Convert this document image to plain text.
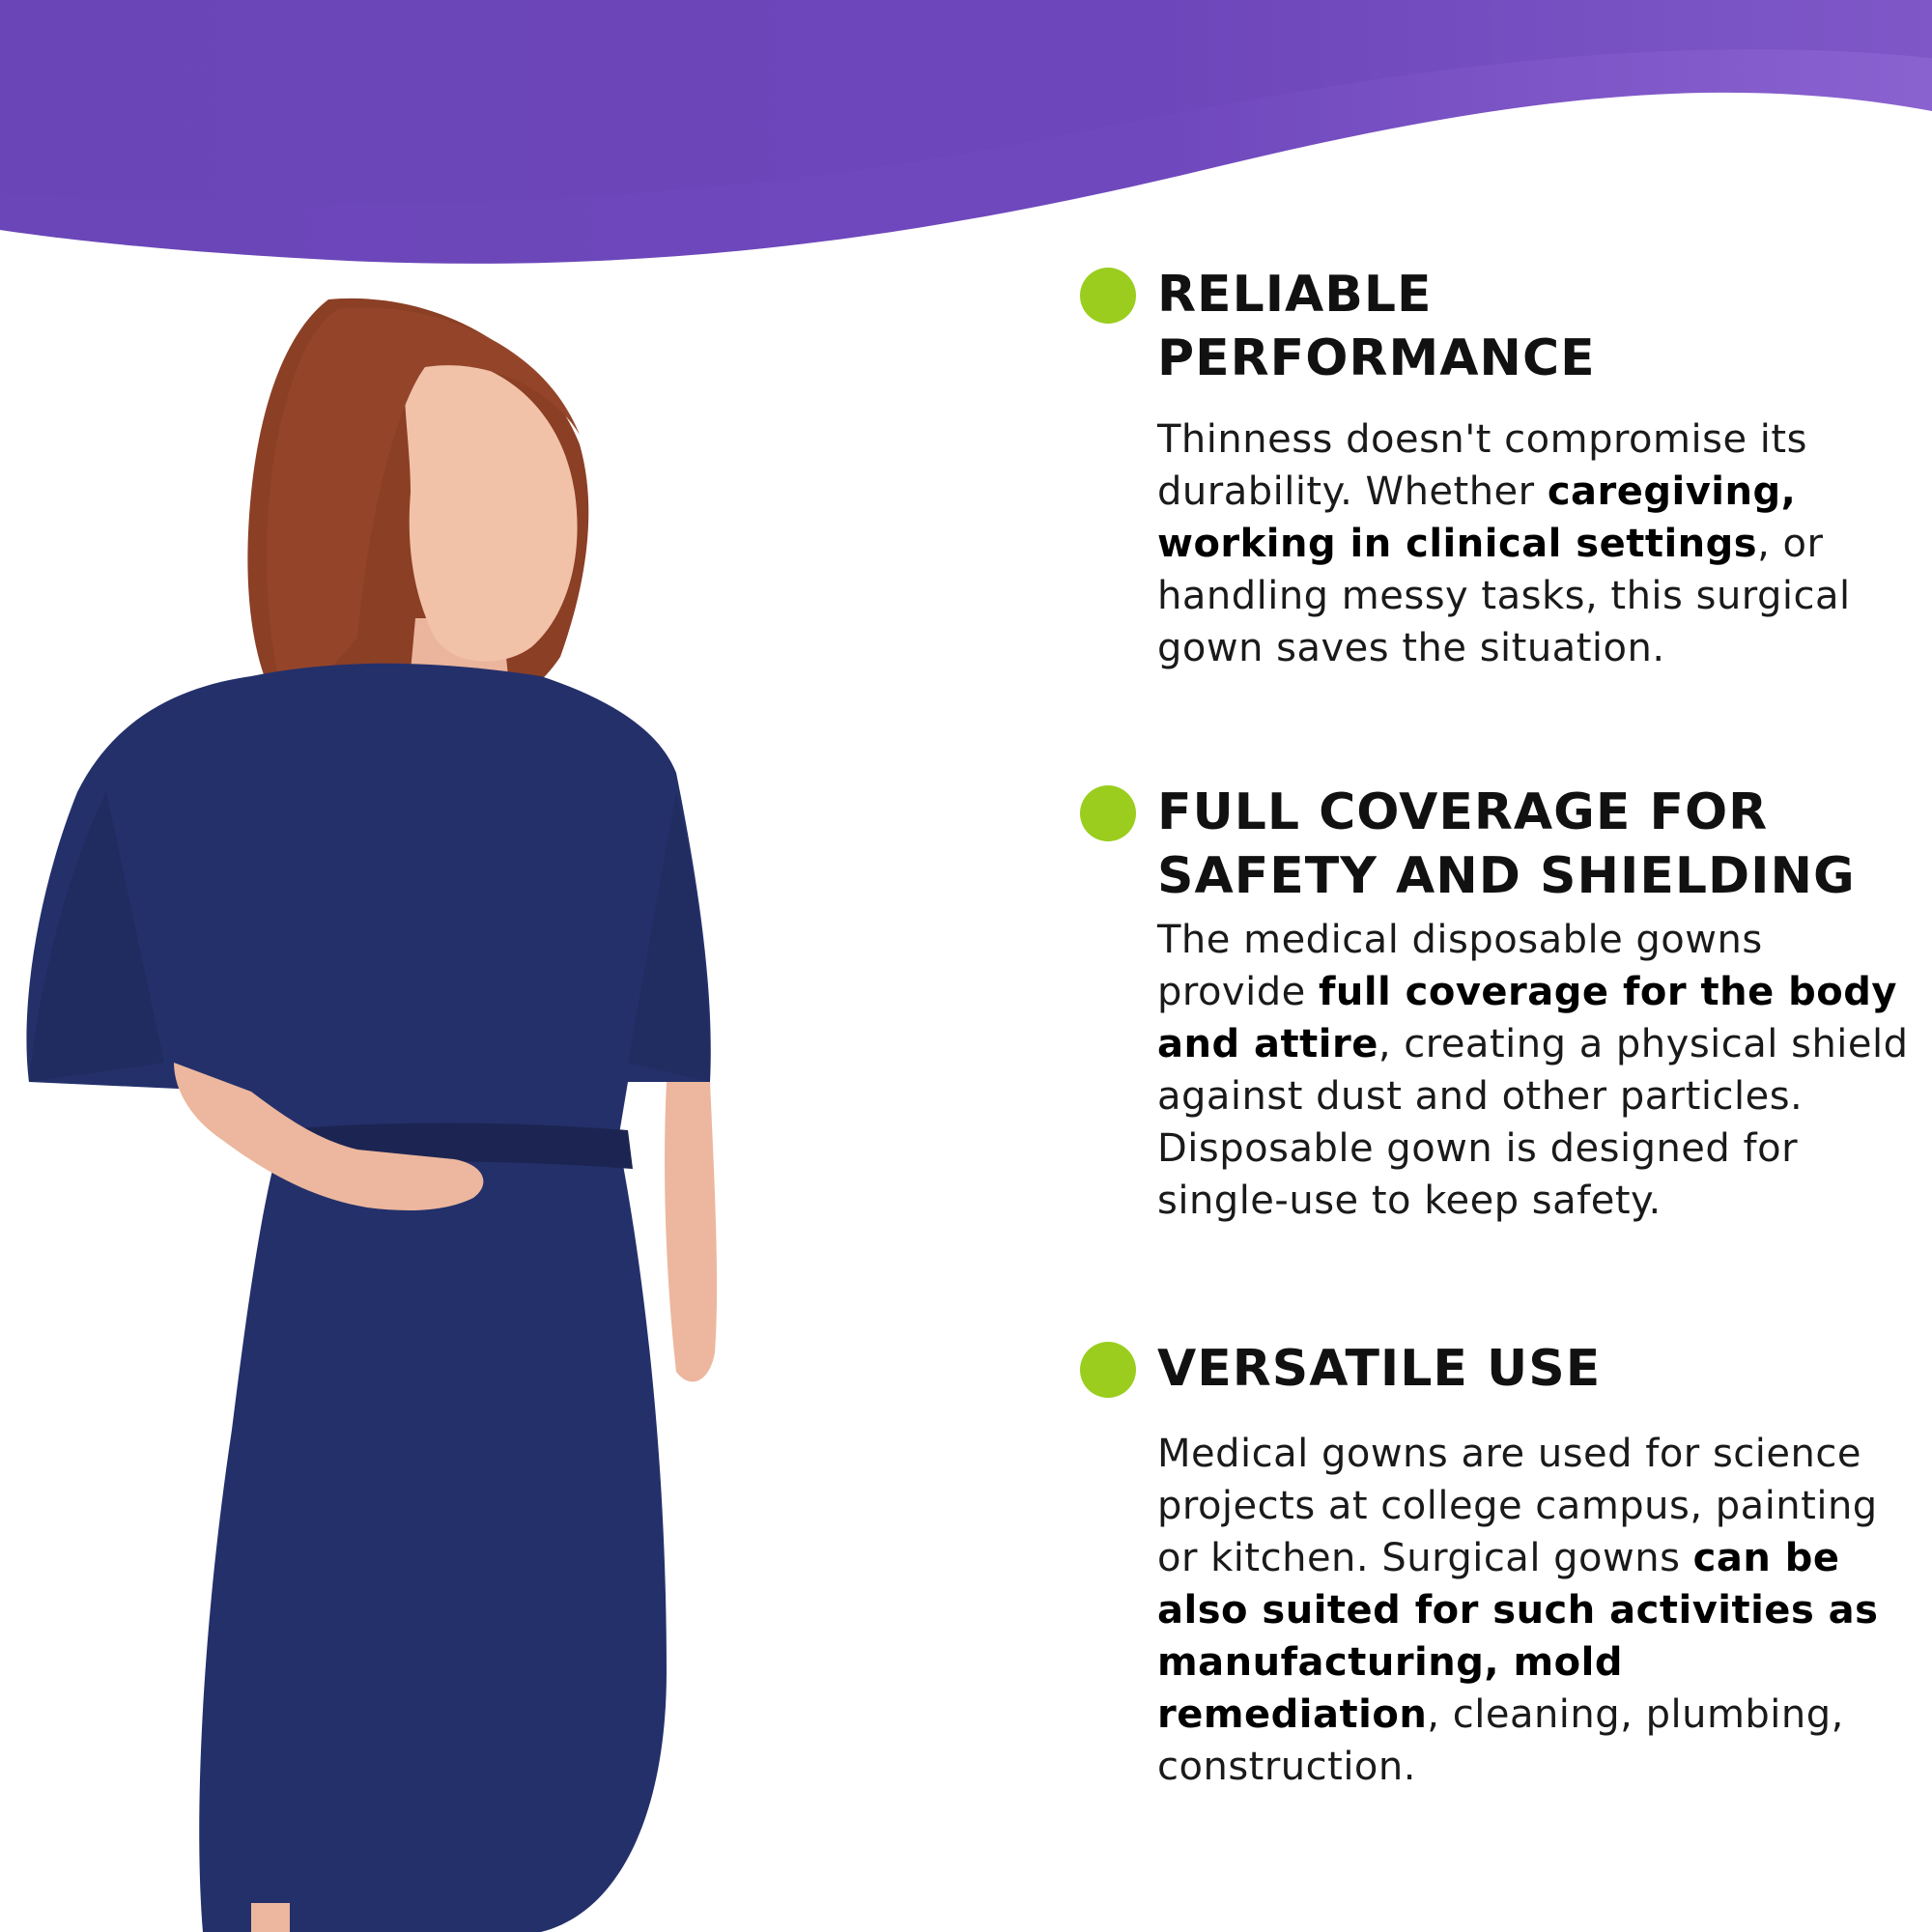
RELIABLE
PERFORMANCE
Thinness doesn't compromise its durability. Whether caregiving, working in clinical settings, or handling messy tasks, this surgical gown saves the situation.
FULL COVERAGE FOR
SAFETY AND SHIELDING
The medical disposable gowns provide full coverage for the body and attire, creating a physical shield against dust and other particles. Disposable gown is designed for single-use to keep safety.
VERSATILE USE
Medical gowns are used for science projects at college campus, painting or kitchen. Surgical gowns can be also suited for such activities as manufacturing, mold remediation, cleaning, plumbing, construction.
